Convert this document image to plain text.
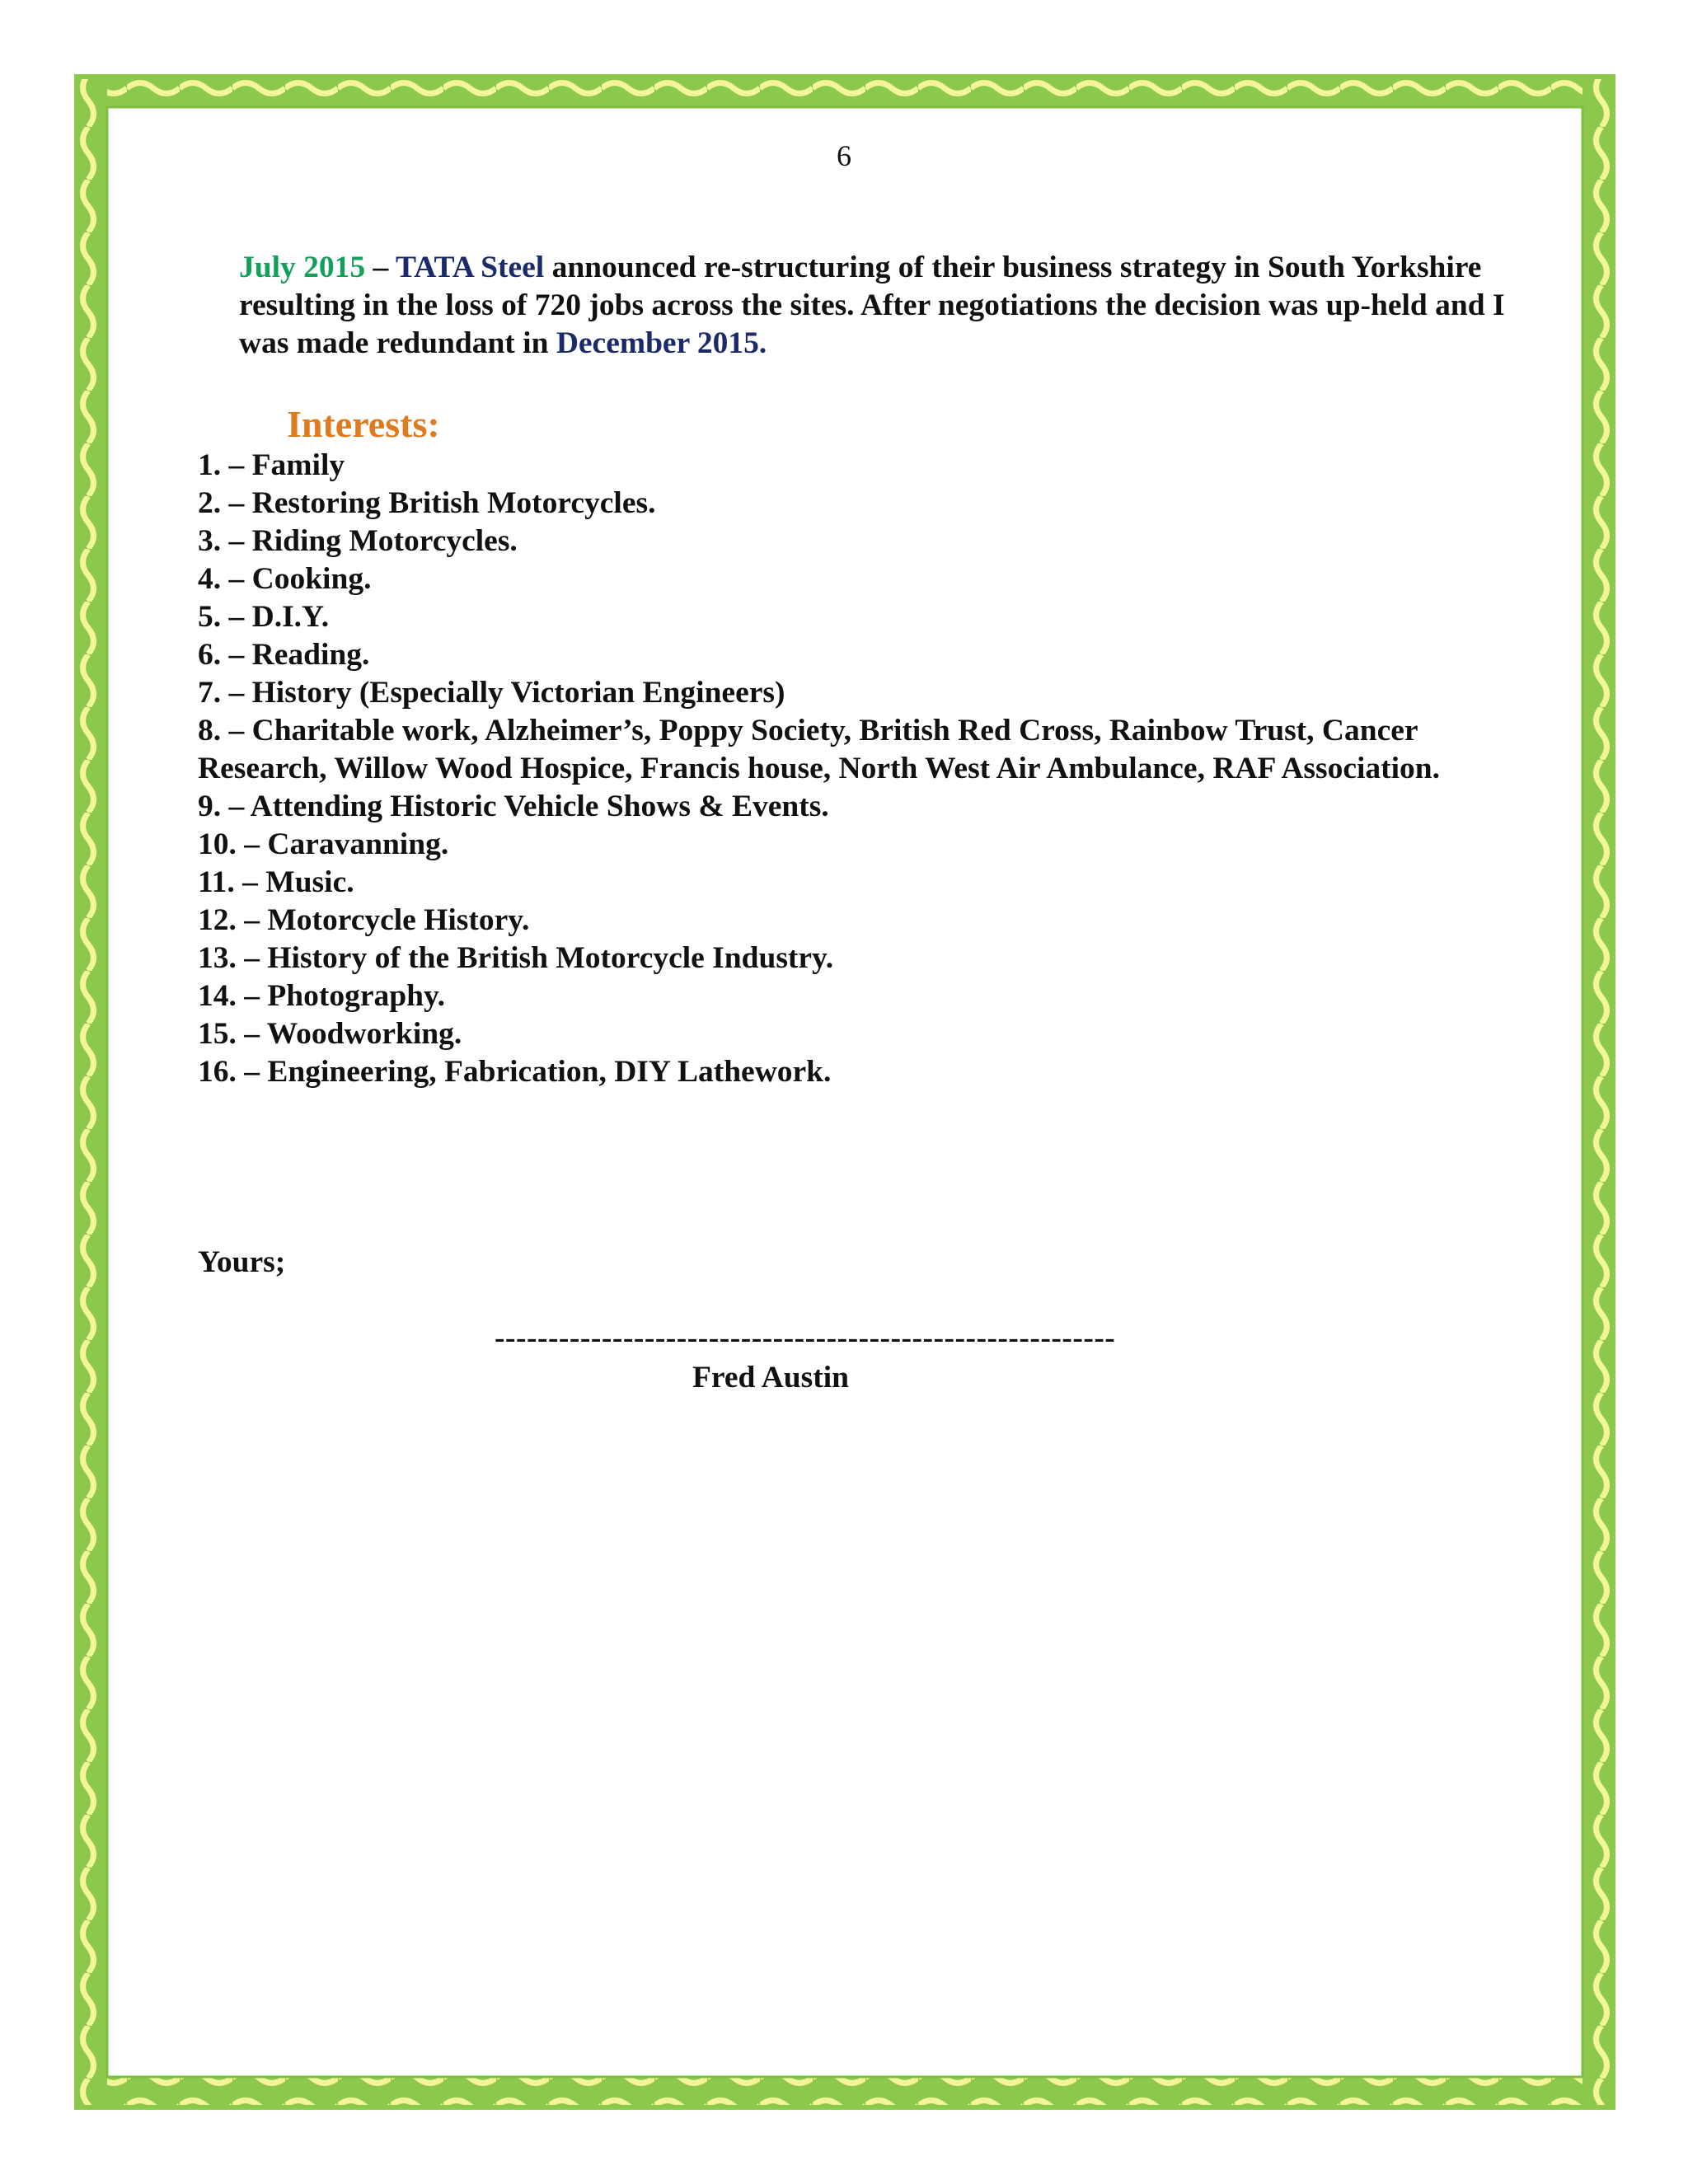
6
July 2015 – TATA Steel announced re-structuring of their business strategy in South Yorkshire resulting in the loss of 720 jobs across the sites. After negotiations the decision was up-held and I was made redundant in December 2015.
Interests:
1. – Family
2. – Restoring British Motorcycles.
3. – Riding Motorcycles.
4. – Cooking.
5. – D.I.Y.
6. – Reading.
7. – History (Especially Victorian Engineers)
8. – Charitable work, Alzheimer’s, Poppy Society, British Red Cross, Rainbow Trust, Cancer Research, Willow Wood Hospice, Francis house, North West Air Ambulance, RAF Association.
9. – Attending Historic Vehicle Shows & Events.
10. – Caravanning.
11. – Music.
12. – Motorcycle History.
13. – History of the British Motorcycle Industry.
14. – Photography.
15. – Woodworking.
16. – Engineering, Fabrication, DIY Lathework.
Yours;
----------------------------------------------------------
Fred Austin
